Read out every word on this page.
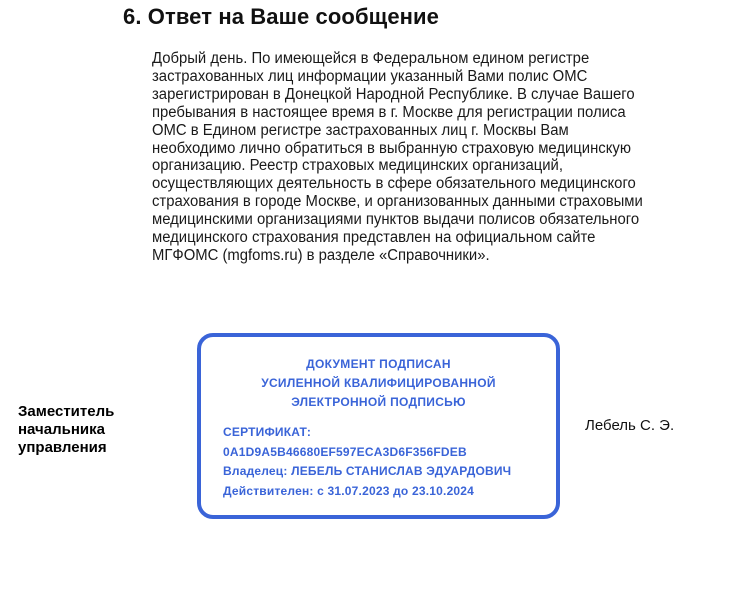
6. Ответ на Ваше сообщение
Добрый день. По имеющейся в Федеральном едином регистре
застрахованных лиц информации указанный Вами полис ОМС
зарегистрирован в Донецкой Народной Республике. В случае Вашего
пребывания в настоящее время в г. Москве для регистрации полиса
ОМС в Едином регистре застрахованных лиц г. Москвы Вам
необходимо лично обратиться в выбранную страховую медицинскую
организацию. Реестр страховых медицинских организаций,
осуществляющих деятельность в сфере обязательного медицинского
страхования в городе Москве, и организованных данными страховыми
медицинскими организациями пунктов выдачи полисов обязательного
медицинского страхования представлен на официальном сайте
МГФОМС (mgfoms.ru) в разделе «Справочники».
Заместитель
начальника
управления
ДОКУМЕНТ ПОДПИСАН
УСИЛЕННОЙ КВАЛИФИЦИРОВАННОЙ
ЭЛЕКТРОННОЙ ПОДПИСЬЮ
СЕРТИФИКАТ:
0A1D9A5B46680EF597ECA3D6F356FDEB
Владелец: ЛЕБЕЛЬ СТАНИСЛАВ ЭДУАРДОВИЧ
Действителен: с 31.07.2023 до 23.10.2024
Лебель С. Э.
